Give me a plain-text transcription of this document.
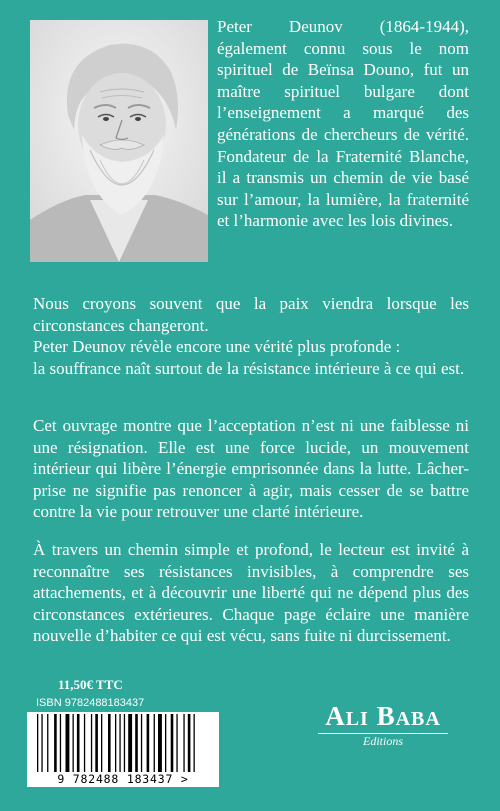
Peter Deunov (1864-1944), également connu sous le nom spirituel de Beïnsa Douno, fut un maître spirituel bulgare dont l’enseignement a marqué des générations de chercheurs de vérité. Fondateur de la Fraternité Blanche, il a transmis un chemin de vie basé sur l’amour, la lumière, la fraternité et l’harmonie avec les lois divines.
Nous croyons souvent que la paix viendra lorsque les circonstances changeront.
Peter Deunov révèle encore une vérité plus profonde :
la souffrance naît surtout de la résistance intérieure à ce qui est.
Cet ouvrage montre que l’acceptation n’est ni une faiblesse ni une résignation. Elle est une force lucide, un mouvement intérieur qui libère l’énergie emprisonnée dans la lutte. Lâcher-prise ne signifie pas renoncer à agir, mais cesser de se battre contre la vie pour retrouver une clarté intérieure.
À travers un chemin simple et profond, le lecteur est invité à reconnaître ses résistances invisibles, à comprendre ses attachements, et à découvrir une liberté qui ne dépend plus des circonstances extérieures. Chaque page éclaire une manière nouvelle d’habiter ce qui est vécu, sans fuite ni durcissement.
11,50€ TTC
ISBN 9782488183437
9 782488 183437 >
ALI BABA
Editions
